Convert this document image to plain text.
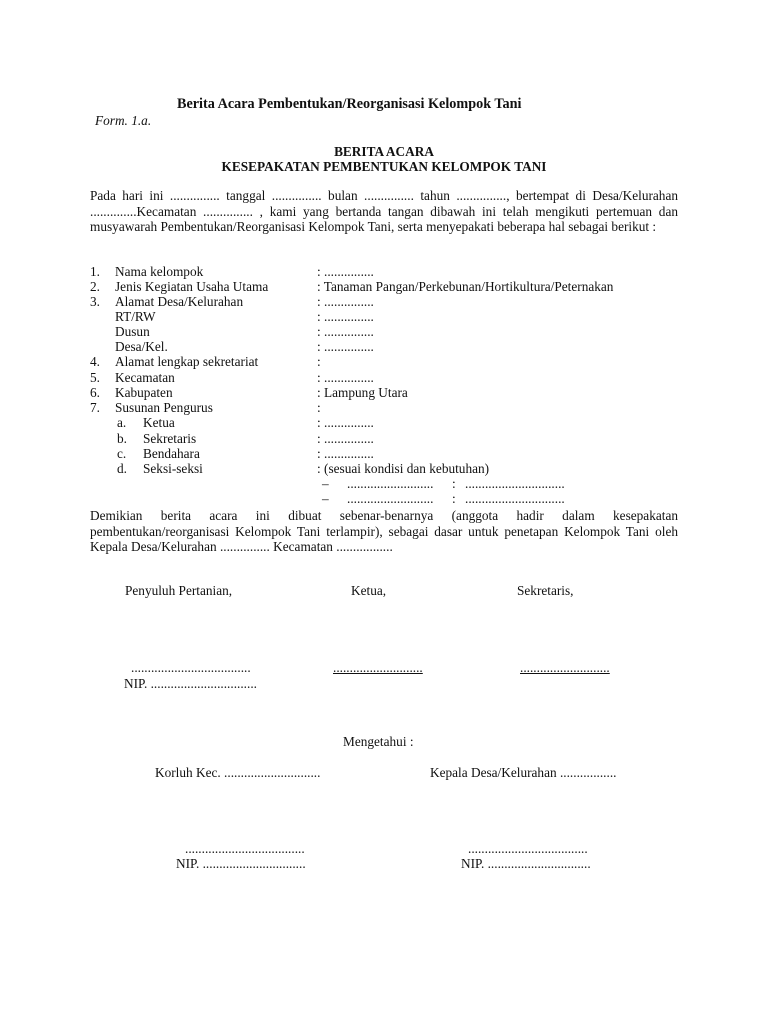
Berita Acara Pembentukan/Reorganisasi Kelompok Tani
Form. 1.a.
BERITA ACARA
KESEPAKATAN PEMBENTUKAN KELOMPOK TANI

Pada hari ini ............... tanggal ............... bulan ............... tahun ..............., bertempat di Desa/Kelurahan ..............Kecamatan ............... , kami yang bertanda tangan dibawah ini telah mengikuti pertemuan dan musyawarah Pembentukan/Reorganisasi Kelompok Tani, serta menyepakati beberapa hal sebagai berikut :

1. Nama kelompok	: ...............
2. Jenis Kegiatan Usaha Utama	: Tanaman Pangan/Perkebunan/Hortikultura/Peternakan
3. Alamat Desa/Kelurahan	: ...............
RT/RW	: ...............
Dusun	: ...............
Desa/Kel.	: ...............
4. Alamat lengkap sekretariat	:
5. Kecamatan	: ...............
6. Kabupaten	: Lampung Utara
7. Susunan Pengurus	:
a. Ketua	: ...............
b. Sekretaris	: ...............
c. Bendahara	: ...............
d. Seksi-seksi	: (sesuai kondisi dan kebutuhan)
– .......................... : ..............................
– .......................... : ..............................

Demikian berita acara ini dibuat sebenar-benarnya (anggota hadir dalam kesepakatan pembentukan/reorganisasi Kelompok Tani terlampir), sebagai dasar untuk penetapan Kelompok Tani oleh Kepala Desa/Kelurahan ............... Kecamatan .................

Penyuluh Pertanian,	Ketua,	Sekretaris,
....................................	...........................	...........................
NIP. ................................
Mengetahui :
Korluh Kec. .............................	Kepala Desa/Kelurahan .................
....................................	....................................
NIP. ...............................	NIP. ...............................
